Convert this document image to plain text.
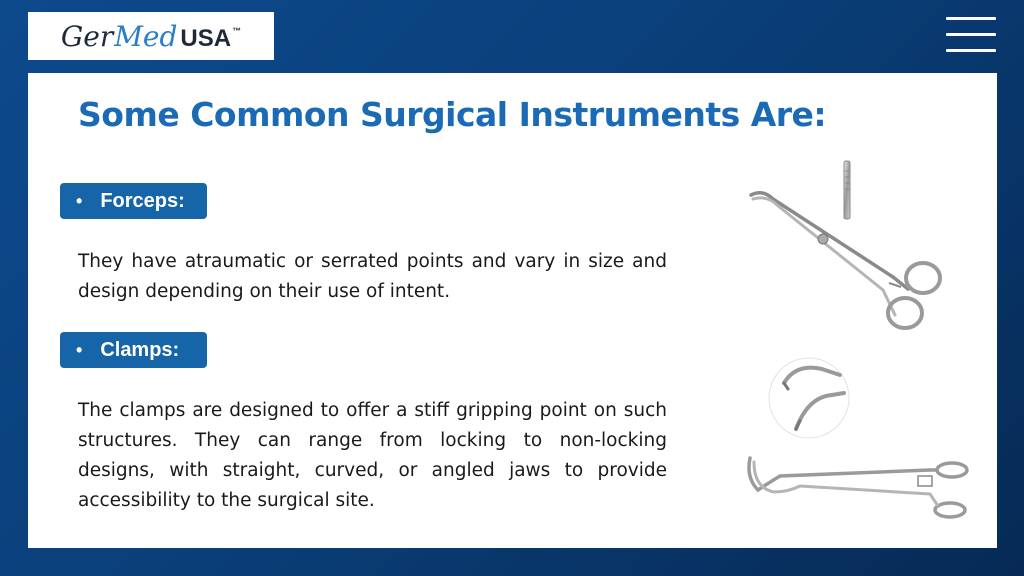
Ger Med USA ™
Some Common Surgical Instruments Are:
• Forceps:

They have atraumatic or serrated points and vary in size and design depending on their use of intent.

• Clamps:

The clamps are designed to offer a stiff gripping point on such structures. They can range from locking to non-locking designs, with straight, curved, or angled jaws to provide accessibility to the surgical site.
